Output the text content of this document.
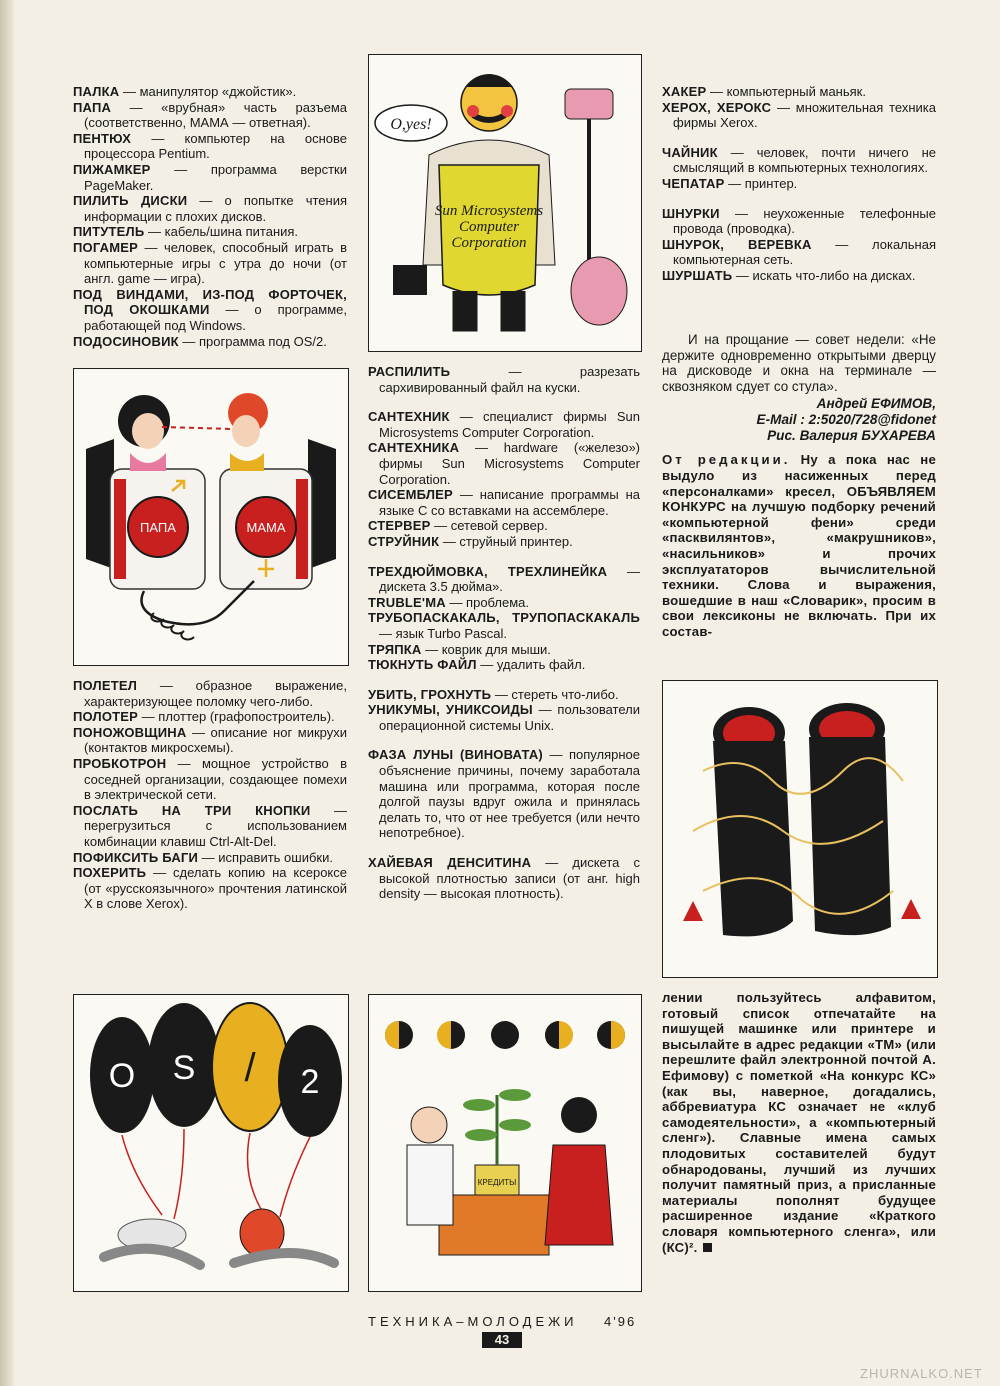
ПАЛКА — манипулятор «джойстик».
ПАПА — «врубная» часть разъема (соответственно, МАМА — ответная).
ПЕНТЮХ — компьютер на основе процессора Pentium.
ПИЖАМКЕР — программа верстки PageMaker.
ПИЛИТЬ ДИСКИ — о попытке чтения информации с плохих дисков.
ПИТУТЕЛЬ — кабель/шина питания.
ПОГАМЕР — человек, способный играть в компьютерные игры с утра до ночи (от англ. game — игра).
ПОД ВИНДАМИ, ИЗ-ПОД ФОРТОЧЕК, ПОД ОКОШКАМИ — о программе, работающей под Windows.
ПОДОСИНОВИК — программа под OS/2.
ПАПА	МАМА
ПОЛЕТЕЛ — образное выражение, характеризующее поломку чего-либо.
ПОЛОТЕР — плоттер (графопостроитель).
ПОНОЖОВЩИНА — описание ног микрухи (контактов микросхемы).
ПРОБКОТРОН — мощное устройство в соседней организации, создающее помехи в электрической сети.
ПОСЛАТЬ НА ТРИ КНОПКИ — перегрузиться с использованием комбинации клавиш Ctrl-Alt-Del.
ПОФИКСИТЬ БАГИ — исправить ошибки.
ПОХЕРИТЬ — сделать копию на ксероксе (от «русскоязычного» прочтения латинской X в слове Xerox).
O S / 2
O,yes!
Sun Microsystems
Computer
Corporation
РАСПИЛИТЬ — разрезать сархивированный файл на куски.
САНТЕХНИК — специалист фирмы Sun Microsystems Computer Corporation.
САНТЕХНИКА — hardware («железо») фирмы Sun Microsystems Computer Corporation.
СИСЕМБЛЕР — написание программы на языке C со вставками на ассемблере.
СТЕРВЕР — сетевой сервер.
СТРУЙНИК — струйный принтер.
ТРЕХДЮЙМОВКА, ТРЕХЛИНЕЙКА — дискета 3.5 дюйма».
TRUBLE'MA — проблема.
ТРУБОПАСКАКАЛЬ, ТРУПОПАСКАКАЛЬ — язык Turbo Pascal.
ТРЯПКА — коврик для мыши.
ТЮКНУТЬ ФАЙЛ — удалить файл.
УБИТЬ, ГРОХНУТЬ — стереть что-либо.
УНИКУМЫ, УНИКСОИДЫ — пользователи операционной системы Unix.
ФАЗА ЛУНЫ (ВИНОВАТА) — популярное объяснение причины, почему заработала машина или программа, которая после долгой паузы вдруг ожила и принялась делать то, что от нее требуется (или нечто непотребное).
ХАЙЕВАЯ ДЕНСИТИНА — дискета с высокой плотностью записи (от анг. high density — высокая плотность).
КРЕДИТЫ
ХАКЕР — компьютерный маньяк.
ХЕРОХ, ХЕРОКС — множительная техника фирмы Xerox.
ЧАЙНИК — человек, почти ничего не смыслящий в компьютерных технологиях.
ЧЕПАТАР — принтер.
ШНУРКИ — неухоженные телефонные провода (проводка).
ШНУРОК, ВЕРЕВКА — локальная компьютерная сеть.
ШУРШАТЬ — искать что-либо на дисках.
И на прощание — совет недели: «Не держите одновременно открытыми дверцу на дисководе и окна на терминале — сквозняком сдует со стула».
Андрей ЕФИМОВ,
E-Mail : 2:5020/728@fidonet
Рис. Валерия БУХАРЕВА
От редакции. Ну а пока нас не выдуло из насиженных перед «персоналками» кресел, ОБЪЯВЛЯЕМ КОНКУРС на лучшую подборку речений «компьютерной фени» среди «пасквилянтов», «макрушников», «насильников» и прочих эксплуататоров вычислительной техники. Слова и выражения, вошедшие в наш «Словарик», просим в свои лексиконы не включать. При их состав-
лении пользуйтесь алфавитом, готовый список отпечатайте на пишущей машинке или принтере и высылайте в адрес редакции «ТМ» (или перешлите файл электронной почтой А. Ефимову) с пометкой «На конкурс КС» (как вы, наверное, догадались, аббревиатура КС означает не «клуб самодеятельности», а «компьютерный сленг»). Славные имена самых плодовитых составителей будут обнародованы, лучший из лучших получит памятный приз, а присланные материалы пополнят будущее расширенное издание «Краткого словаря компьютерного сленга», или (КС)².
ТЕХНИКА–МОЛОДЕЖИ	4'96
43
ZHURNALKO.NET
